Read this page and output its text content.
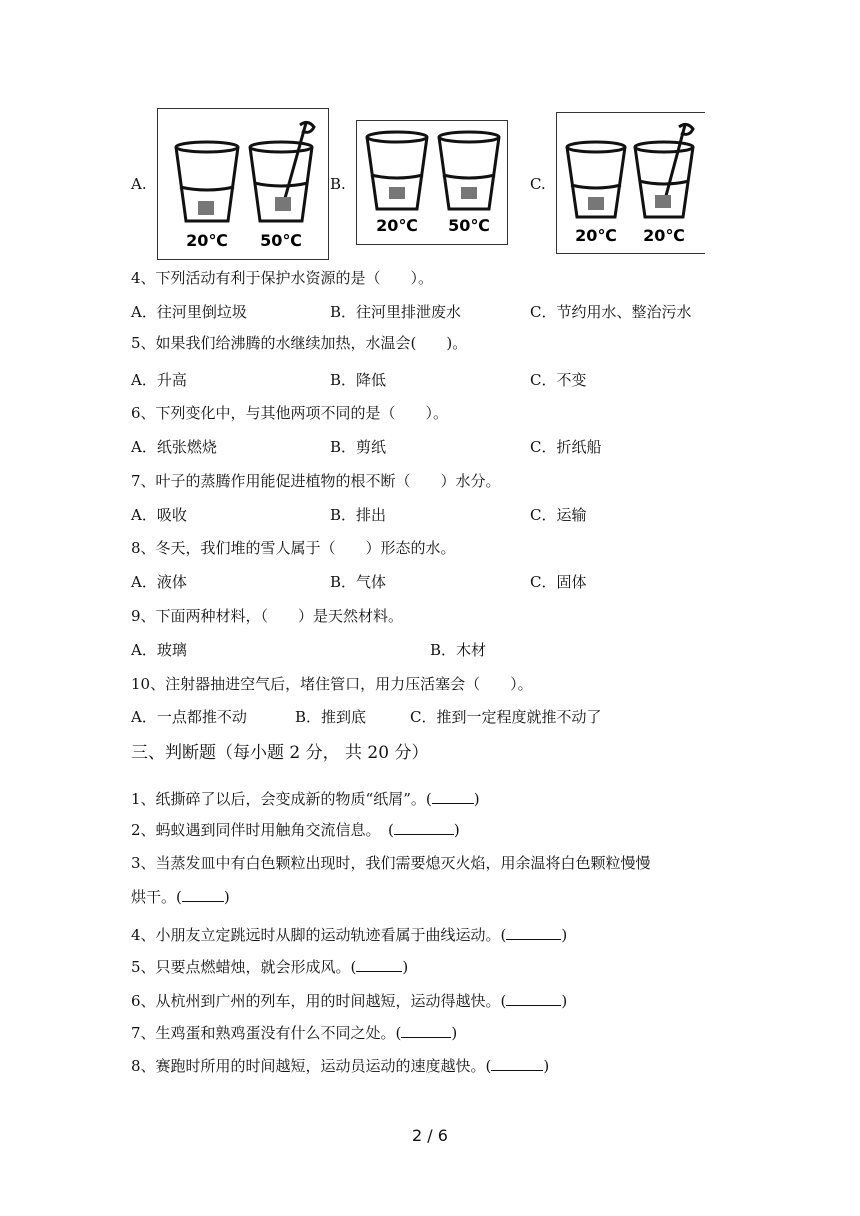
A.
20℃ 50℃
B.
20℃ 50℃
C.
20℃ 20℃
4、下列活动有利于保护水资源的是（　　）。
A．往河里倒垃圾	B．往河里排泄废水	C．节约用水、整治污水
5、如果我们给沸腾的水继续加热，水温会(　　)。
A．升高	B．降低	C．不变
6、下列变化中，与其他两项不同的是（　　）。
A．纸张燃烧	B．剪纸	C．折纸船
7、叶子的蒸腾作用能促进植物的根不断（　　）水分。
A．吸收	B．排出	C．运输
8、冬天，我们堆的雪人属于（　　）形态的水。
A．液体	B．气体	C．固体
9、下面两种材料，（　　）是天然材料。
A．玻璃	B．木材
10、注射器抽进空气后，堵住管口，用力压活塞会（　　）。
A．一点都推不动	B．推到底	C．推到一定程度就推不动了
三、判断题（每小题 2 分， 共 20 分）
1、纸撕碎了以后，会变成新的物质“纸屑”。(	)
2、蚂蚁遇到同伴时用触角交流信息。　(	)
3、当蒸发皿中有白色颗粒出现时，我们需要熄灭火焰，用余温将白色颗粒慢慢
烘干。(	)
4、小朋友立定跳远时从脚的运动轨迹看属于曲线运动。(	)
5、只要点燃蜡烛，就会形成风。(	)
6、从杭州到广州的列车，用的时间越短，运动得越快。(	)
7、生鸡蛋和熟鸡蛋没有什么不同之处。(	)
8、赛跑时所用的时间越短，运动员运动的速度越快。(	)
2 / 6
